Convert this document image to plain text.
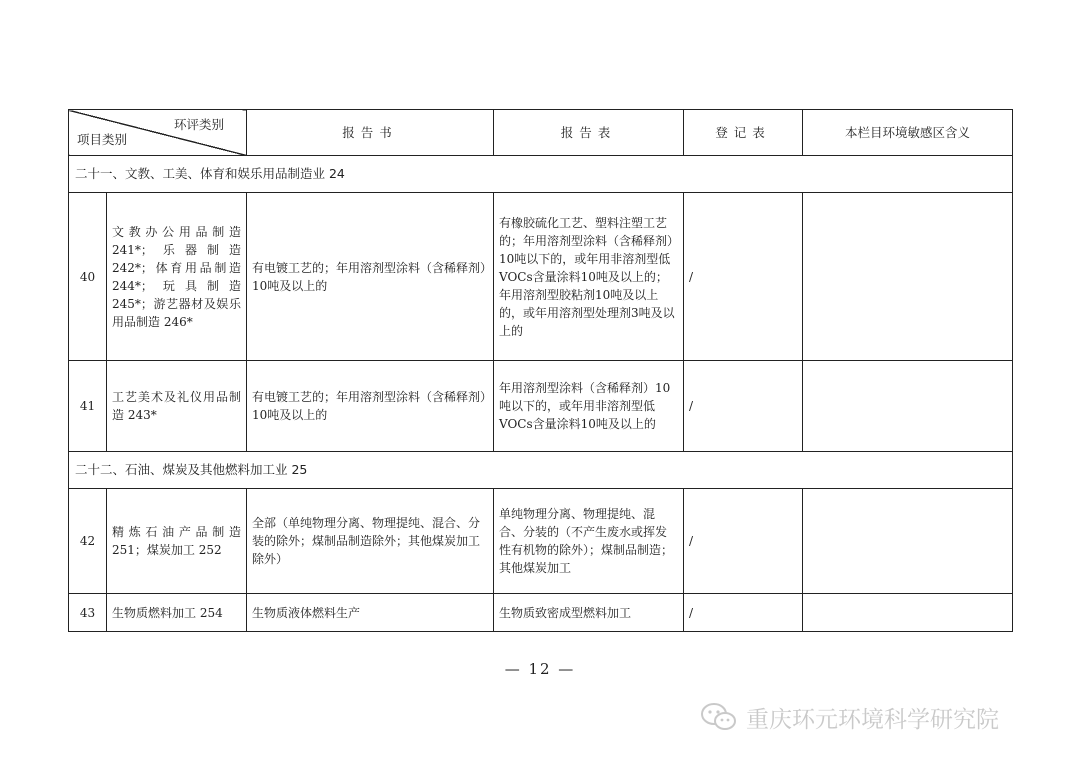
环评类别
项目类别		报告书	报告表	登记表	本栏目环境敏感区含义
二十一、文教、工美、体育和娱乐用品制造业 24					
40	文教办公用品制造241*；乐器制造242*；体育用品制造244*；玩具制造245*；游艺器材及娱乐用品制造 246*	有电镀工艺的；年用溶剂型涂料（含稀释剂）10吨及以上的	有橡胶硫化工艺、塑料注塑工艺的；年用溶剂型涂料（含稀释剂）10吨以下的，或年用非溶剂型低VOCs含量涂料10吨及以上的；年用溶剂型胶粘剂10吨及以上的，或年用溶剂型处理剂3吨及以上的	/	
41	工艺美术及礼仪用品制造 243*	有电镀工艺的；年用溶剂型涂料（含稀释剂）10吨及以上的	年用溶剂型涂料（含稀释剂）10吨以下的，或年用非溶剂型低VOCs含量涂料10吨及以上的	/	
二十二、石油、煤炭及其他燃料加工业 25					
42	精炼石油产品制造251；煤炭加工 252	全部（单纯物理分离、物理提纯、混合、分装的除外；煤制品制造除外；其他煤炭加工除外）	单纯物理分离、物理提纯、混合、分装的（不产生废水或挥发性有机物的除外）；煤制品制造；其他煤炭加工	/	
43	生物质燃料加工 254	生物质液体燃料生产	生物质致密成型燃料加工	/	
— 12 —
重庆环元环境科学研究院
